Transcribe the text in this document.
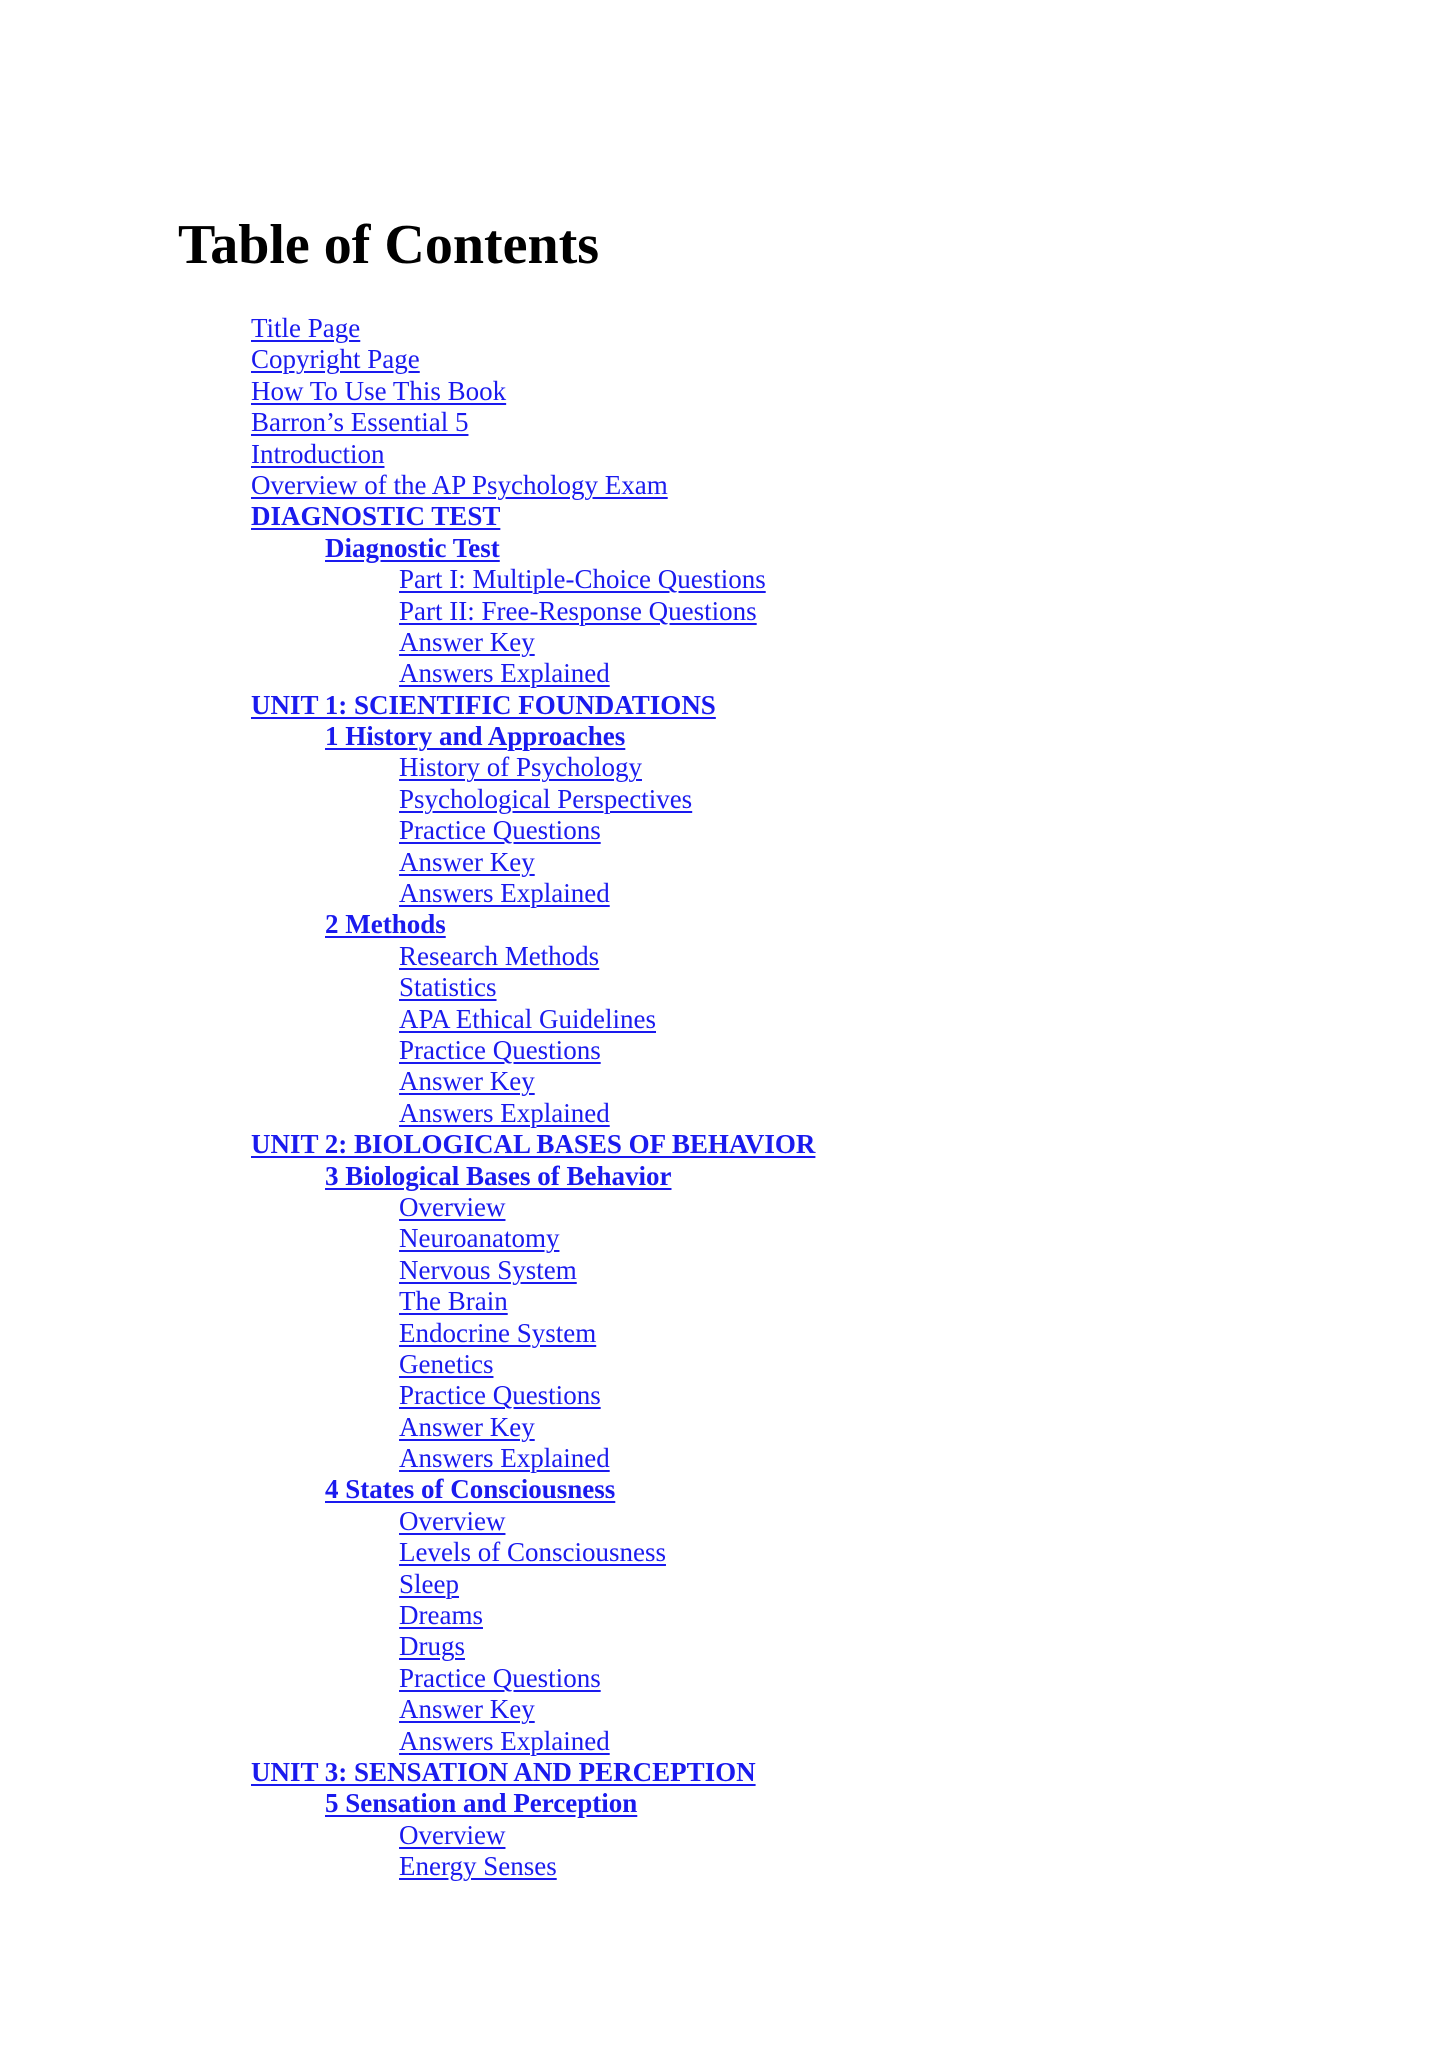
Table of Contents
Title Page
Copyright Page
How To Use This Book
Barron’s Essential 5
Introduction
Overview of the AP Psychology Exam
DIAGNOSTIC TEST
Diagnostic Test
Part I: Multiple-Choice Questions
Part II: Free-Response Questions
Answer Key
Answers Explained
UNIT 1: SCIENTIFIC FOUNDATIONS
1 History and Approaches
History of Psychology
Psychological Perspectives
Practice Questions
Answer Key
Answers Explained
2 Methods
Research Methods
Statistics
APA Ethical Guidelines
Practice Questions
Answer Key
Answers Explained
UNIT 2: BIOLOGICAL BASES OF BEHAVIOR
3 Biological Bases of Behavior
Overview
Neuroanatomy
Nervous System
The Brain
Endocrine System
Genetics
Practice Questions
Answer Key
Answers Explained
4 States of Consciousness
Overview
Levels of Consciousness
Sleep
Dreams
Drugs
Practice Questions
Answer Key
Answers Explained
UNIT 3: SENSATION AND PERCEPTION
5 Sensation and Perception
Overview
Energy Senses
